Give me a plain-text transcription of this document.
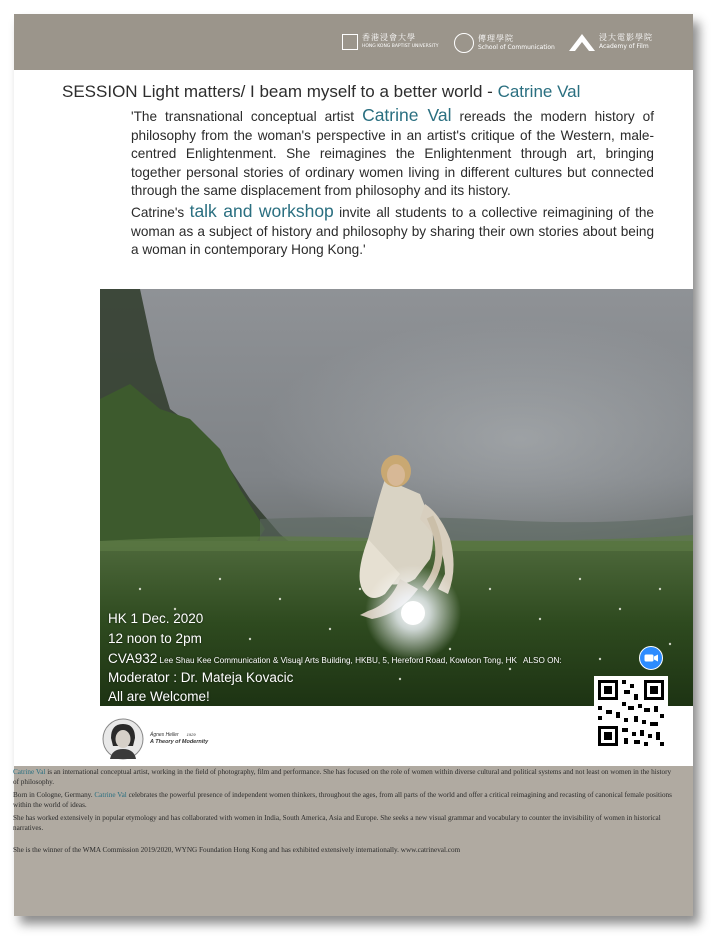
香港浸會大學
HONG KONG BAPTIST UNIVERSITY
傳理學院
School of Communication
浸大電影學院
Academy of Film
SESSION Light matters/ I beam myself to a better world - Catrine Val

'The transnational conceptual artist Catrine Val rereads the modern history of philosophy from the woman's perspective in an artist's critique of the Western, male-centred Enlightenment. She reimagines the Enlightenment through art, bringing together personal stories of ordinary women living in different cultures but connected through the same displacement from philosophy and its history.

Catrine's talk and workshop invite all students to a collective reimagining of the woman as a subject of history and philosophy by sharing their own stories about being a woman in contemporary Hong Kong.'

HK 1 Dec. 2020
12 noon to 2pm
CVA932 Lee Shau Kee Communication & Visual Arts Building, HKBU, 5, Hereford Road, Kowloon Tong, HK ALSO ON:
Moderator : Dr. Mateja Kovacic
All are Welcome!
Ágnes Heller 1929
A Theory of Modernity

Catrine Val is an international conceptual artist, working in the field of photography, film and performance. She has focused on the role of women within diverse cultural and political systems and not least on women in the history of philosophy.

Born in Cologne, Germany. Catrine Val celebrates the powerful presence of independent women thinkers, throughout the ages, from all parts of the world and offer a critical reimagining and recasting of canonical female positions within the world of ideas.

She has worked extensively in popular etymology and has collaborated with women in India, South America, Asia and Europe. She seeks a new visual grammar and vocabulary to counter the invisibility of women in historical narratives.

She is the winner of the WMA Commission 2019/2020, WYNG Foundation Hong Kong and has exhibited extensively internationally. www.catrineval.com
